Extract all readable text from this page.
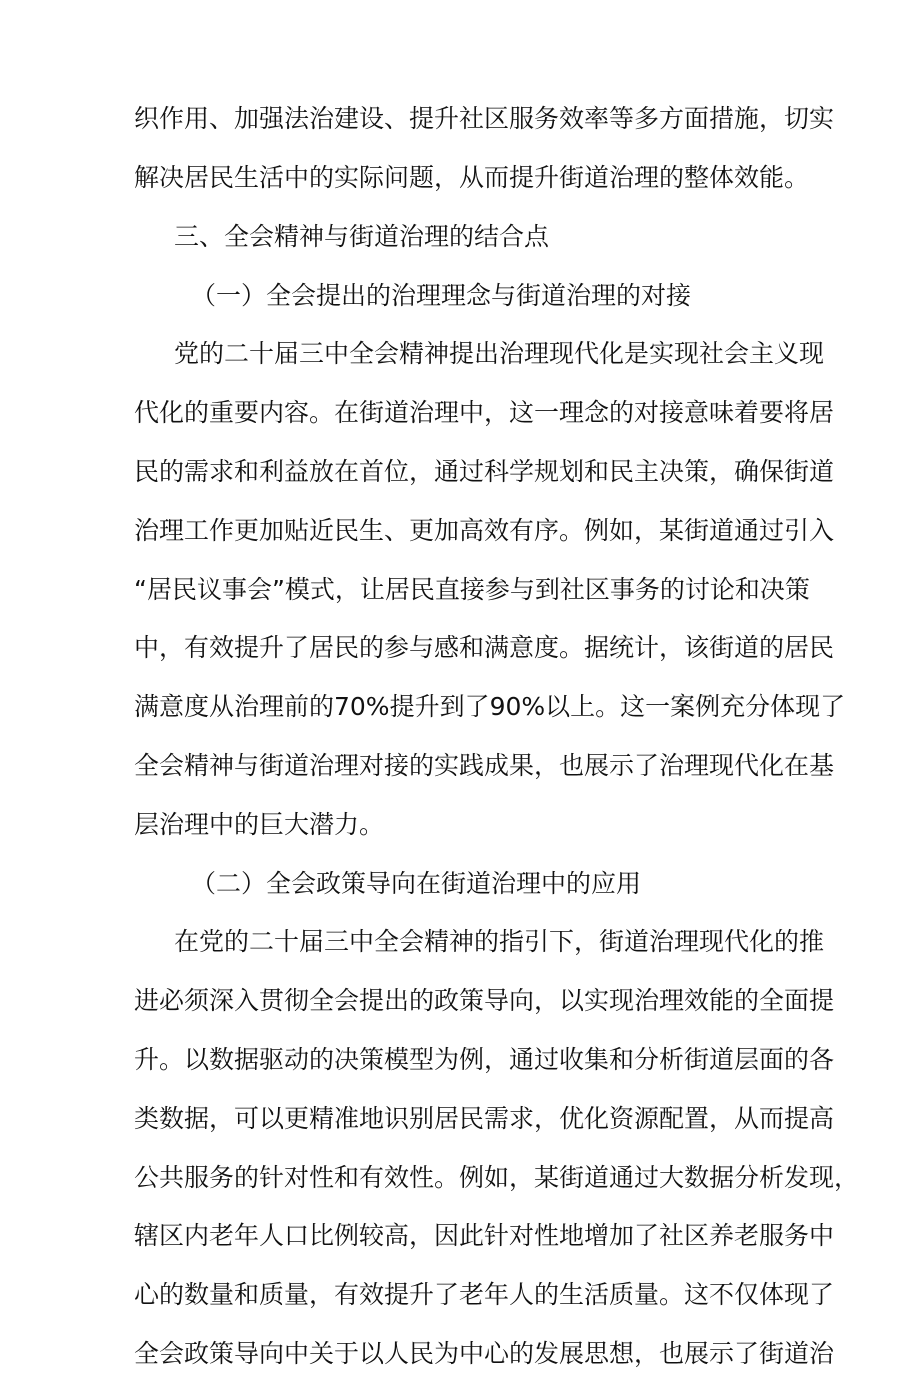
织作用、加强法治建设、提升社区服务效率等多方面措施，切实
解决居民生活中的实际问题，从而提升街道治理的整体效能。
三、全会精神与街道治理的结合点
（一）全会提出的治理理念与街道治理的对接
党的二十届三中全会精神提出治理现代化是实现社会主义现
代化的重要内容。在街道治理中，这一理念的对接意味着要将居
民的需求和利益放在首位，通过科学规划和民主决策，确保街道
治理工作更加贴近民生、更加高效有序。例如，某街道通过引入
“居民议事会”模式，让居民直接参与到社区事务的讨论和决策
中，有效提升了居民的参与感和满意度。据统计，该街道的居民
满意度从治理前的70%提升到了90%以上。这一案例充分体现了
全会精神与街道治理对接的实践成果，也展示了治理现代化在基
层治理中的巨大潜力。
（二）全会政策导向在街道治理中的应用
在党的二十届三中全会精神的指引下，街道治理现代化的推
进必须深入贯彻全会提出的政策导向，以实现治理效能的全面提
升。以数据驱动的决策模型为例，通过收集和分析街道层面的各
类数据，可以更精准地识别居民需求，优化资源配置，从而提高
公共服务的针对性和有效性。例如，某街道通过大数据分析发现，
辖区内老年人口比例较高，因此针对性地增加了社区养老服务中
心的数量和质量，有效提升了老年人的生活质量。这不仅体现了
全会政策导向中关于以人民为中心的发展思想，也展示了街道治
